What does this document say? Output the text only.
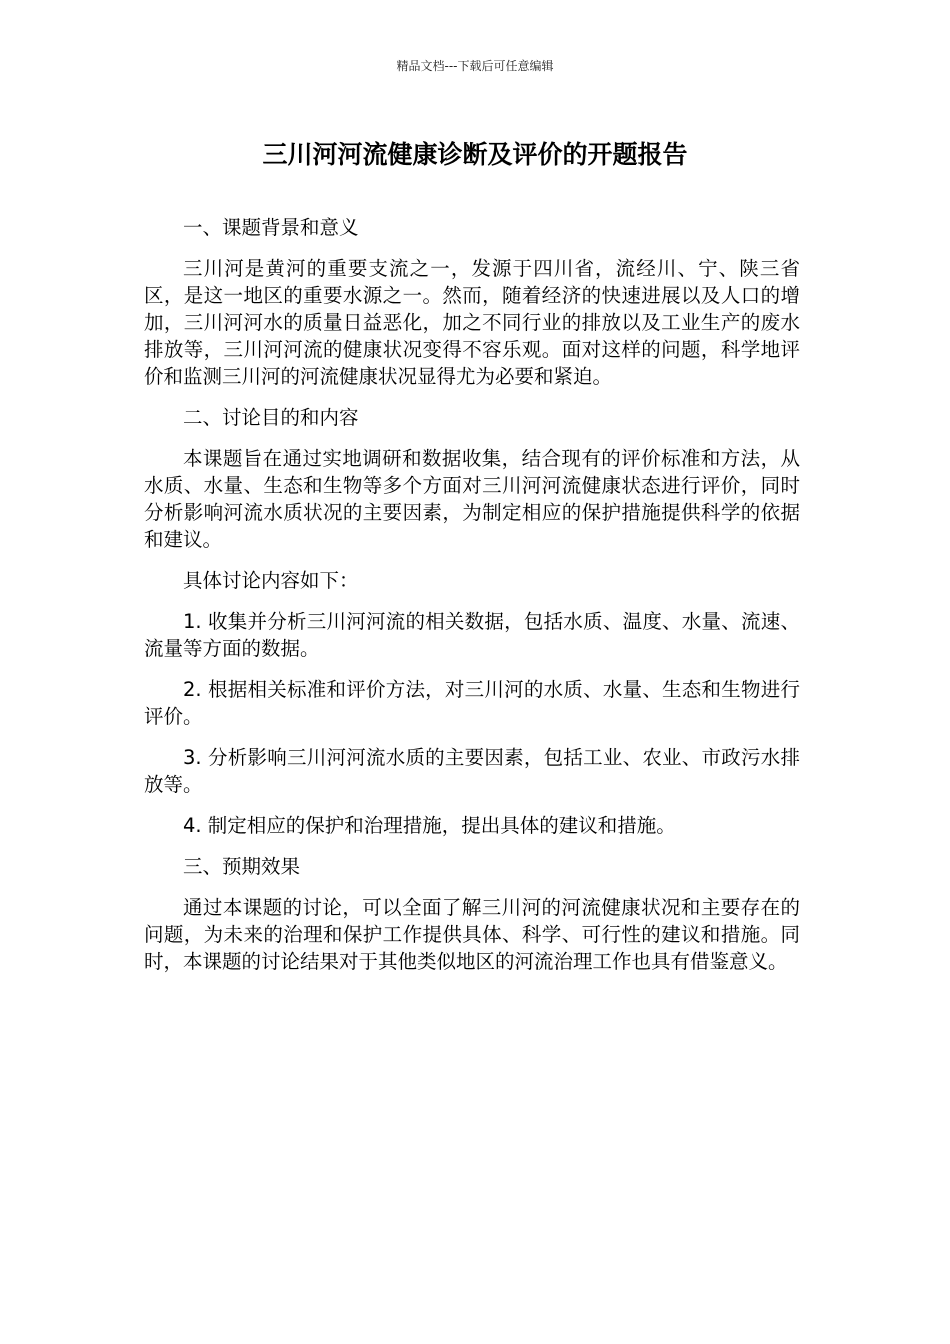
精品文档---下载后可任意编辑
三川河河流健康诊断及评价的开题报告

一、课题背景和意义

三川河是黄河的重要支流之一，发源于四川省，流经川、宁、陕三省区，是这一地区的重要水源之一。然而，随着经济的快速进展以及人口的增加，三川河河水的质量日益恶化，加之不同行业的排放以及工业生产的废水排放等，三川河河流的健康状况变得不容乐观。面对这样的问题，科学地评价和监测三川河的河流健康状况显得尤为必要和紧迫。

二、讨论目的和内容

本课题旨在通过实地调研和数据收集，结合现有的评价标准和方法，从水质、水量、生态和生物等多个方面对三川河河流健康状态进行评价，同时分析影响河流水质状况的主要因素，为制定相应的保护措施提供科学的依据和建议。

具体讨论内容如下：

1. 收集并分析三川河河流的相关数据，包括水质、温度、水量、流速、流量等方面的数据。

2. 根据相关标准和评价方法，对三川河的水质、水量、生态和生物进行评价。

3. 分析影响三川河河流水质的主要因素，包括工业、农业、市政污水排放等。

4. 制定相应的保护和治理措施，提出具体的建议和措施。

三、预期效果

通过本课题的讨论，可以全面了解三川河的河流健康状况和主要存在的问题，为未来的治理和保护工作提供具体、科学、可行性的建议和措施。同时，本课题的讨论结果对于其他类似地区的河流治理工作也具有借鉴意义。
